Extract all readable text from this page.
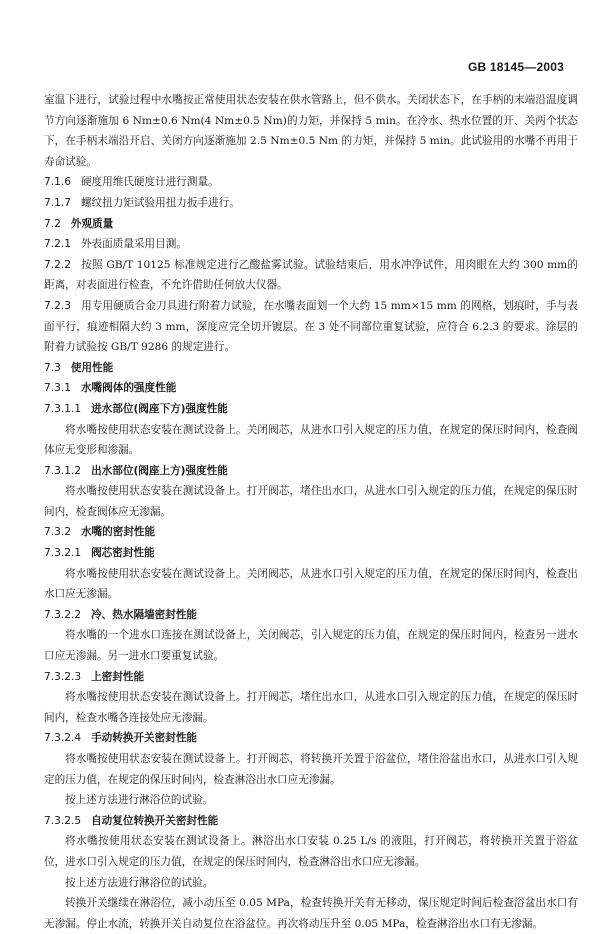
GB 18145—2003

室温下进行，试验过程中水嘴按正常使用状态安装在供水管路上，但不供水。关闭状态下，在手柄的末端沿温度调节方向逐渐施加 6 Nm±0.6 Nm(4 Nm±0.5 Nm)的力矩，并保持 5 min。在冷水、热水位置的开、关两个状态下，在手柄末端沿开启、关闭方向逐渐施加 2.5 Nm±0.5 Nm 的力矩，并保持 5 min。此试验用的水嘴不再用于寿命试验。

7.1.6 硬度用维氏硬度计进行测量。

7.1.7 螺纹扭力矩试验用扭力扳手进行。

7.2 外观质量

7.2.1 外表面质量采用目测。

7.2.2 按照 GB/T 10125 标准规定进行乙酸盐雾试验。试验结束后，用水冲净试件，用肉眼在大约 300 mm的距离，对表面进行检查，不允许借助任何放大仪器。

7.2.3 用专用硬质合金刀具进行附着力试验，在水嘴表面划一个大约 15 mm×15 mm 的网格，划痕时，手与表面平行，痕迹相隔大约 3 mm，深度应完全切开镀层。在 3 处不同部位重复试验，应符合 6.2.3 的要求。涂层的附着力试验按 GB/T 9286 的规定进行。

7.3 使用性能

7.3.1 水嘴阀体的强度性能

7.3.1.1 进水部位(阀座下方)强度性能

将水嘴按使用状态安装在测试设备上。关闭阀芯，从进水口引入规定的压力值，在规定的保压时间内，检查阀体应无变形和渗漏。

7.3.1.2 出水部位(阀座上方)强度性能

将水嘴按使用状态安装在测试设备上。打开阀芯，堵住出水口，从进水口引入规定的压力值，在规定的保压时间内，检查阀体应无渗漏。

7.3.2 水嘴的密封性能

7.3.2.1 阀芯密封性能

将水嘴按使用状态安装在测试设备上。关闭阀芯，从进水口引入规定的压力值，在规定的保压时间内，检查出水口应无渗漏。

7.3.2.2 冷、热水隔墙密封性能

将水嘴的一个进水口连接在测试设备上，关闭阀芯，引入规定的压力值，在规定的保压时间内，检查另一进水口应无渗漏。另一进水口要重复试验。

7.3.2.3 上密封性能

将水嘴按使用状态安装在测试设备上。打开阀芯，堵住出水口，从进水口引入规定的压力值，在规定的保压时间内，检查水嘴各连接处应无渗漏。

7.3.2.4 手动转换开关密封性能

将水嘴按使用状态安装在测试设备上。打开阀芯，将转换开关置于浴盆位，堵住浴盆出水口，从进水口引入规定的压力值，在规定的保压时间内，检查淋浴出水口应无渗漏。

按上述方法进行淋浴位的试验。

7.3.2.5 自动复位转换开关密封性能

将水嘴按使用状态安装在测试设备上。淋浴出水口安装 0.25 L/s 的液阻，打开阀芯，将转换开关置于浴盆位，进水口引入规定的压力值，在规定的保压时间内，检查淋浴出水口应无渗漏。

按上述方法进行淋浴位的试验。

转换开关继续在淋浴位，减小动压至 0.05 MPa，检查转换开关有无移动，保压规定时间后检查浴盆出水口有无渗漏。停止水流，转换开关自动复位在浴盆位。再次将动压升至 0.05 MPa，检查淋浴出水口有无渗漏。
